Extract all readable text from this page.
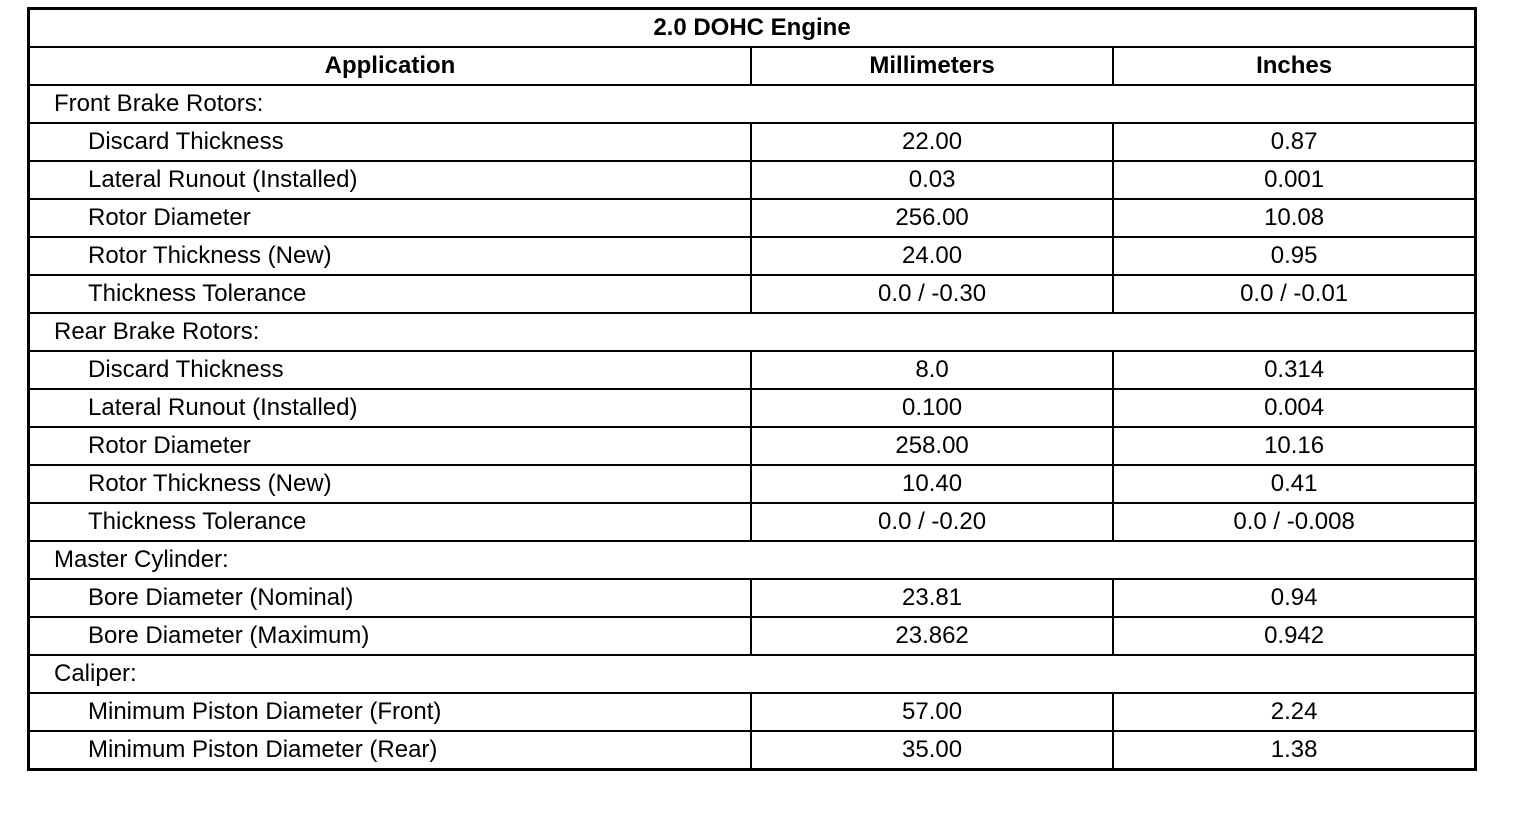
2.0 DOHC Engine		
Application	Millimeters	Inches
Front Brake Rotors:		
Discard Thickness	22.00	0.87
Lateral Runout (Installed)	0.03	0.001
Rotor Diameter	256.00	10.08
Rotor Thickness (New)	24.00	0.95
Thickness Tolerance	0.0 / -0.30	0.0 / -0.01
Rear Brake Rotors:		
Discard Thickness	8.0	0.314
Lateral Runout (Installed)	0.100	0.004
Rotor Diameter	258.00	10.16
Rotor Thickness (New)	10.40	0.41
Thickness Tolerance	0.0 / -0.20	0.0 / -0.008
Master Cylinder:		
Bore Diameter (Nominal)	23.81	0.94
Bore Diameter (Maximum)	23.862	0.942
Caliper:		
Minimum Piston Diameter (Front)	57.00	2.24
Minimum Piston Diameter (Rear)	35.00	1.38
